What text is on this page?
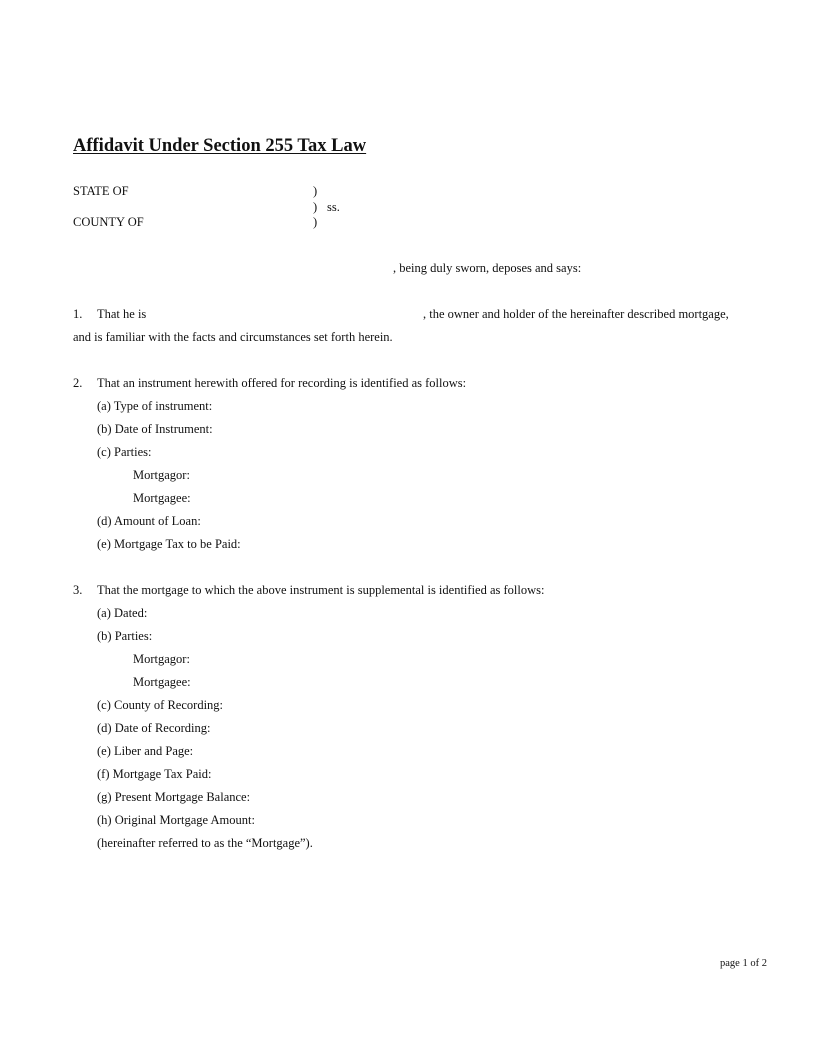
Affidavit Under Section 255 Tax Law
STATE OF	)
) ss.
COUNTY OF	)
, being duly sworn, deposes and says:
1. That he is	, the owner and holder of the hereinafter described mortgage,
and is familiar with the facts and circumstances set forth herein.
2. That an instrument herewith offered for recording is identified as follows:
(a) Type of instrument:
(b) Date of Instrument:
(c) Parties:
Mortgagor:
Mortgagee:
(d) Amount of Loan:
(e) Mortgage Tax to be Paid:
3. That the mortgage to which the above instrument is supplemental is identified as follows:
(a) Dated:
(b) Parties:
Mortgagor:
Mortgagee:
(c) County of Recording:
(d) Date of Recording:
(e) Liber and Page:
(f) Mortgage Tax Paid:
(g) Present Mortgage Balance:
(h) Original Mortgage Amount:
(hereinafter referred to as the “Mortgage”).
page 1 of 2
